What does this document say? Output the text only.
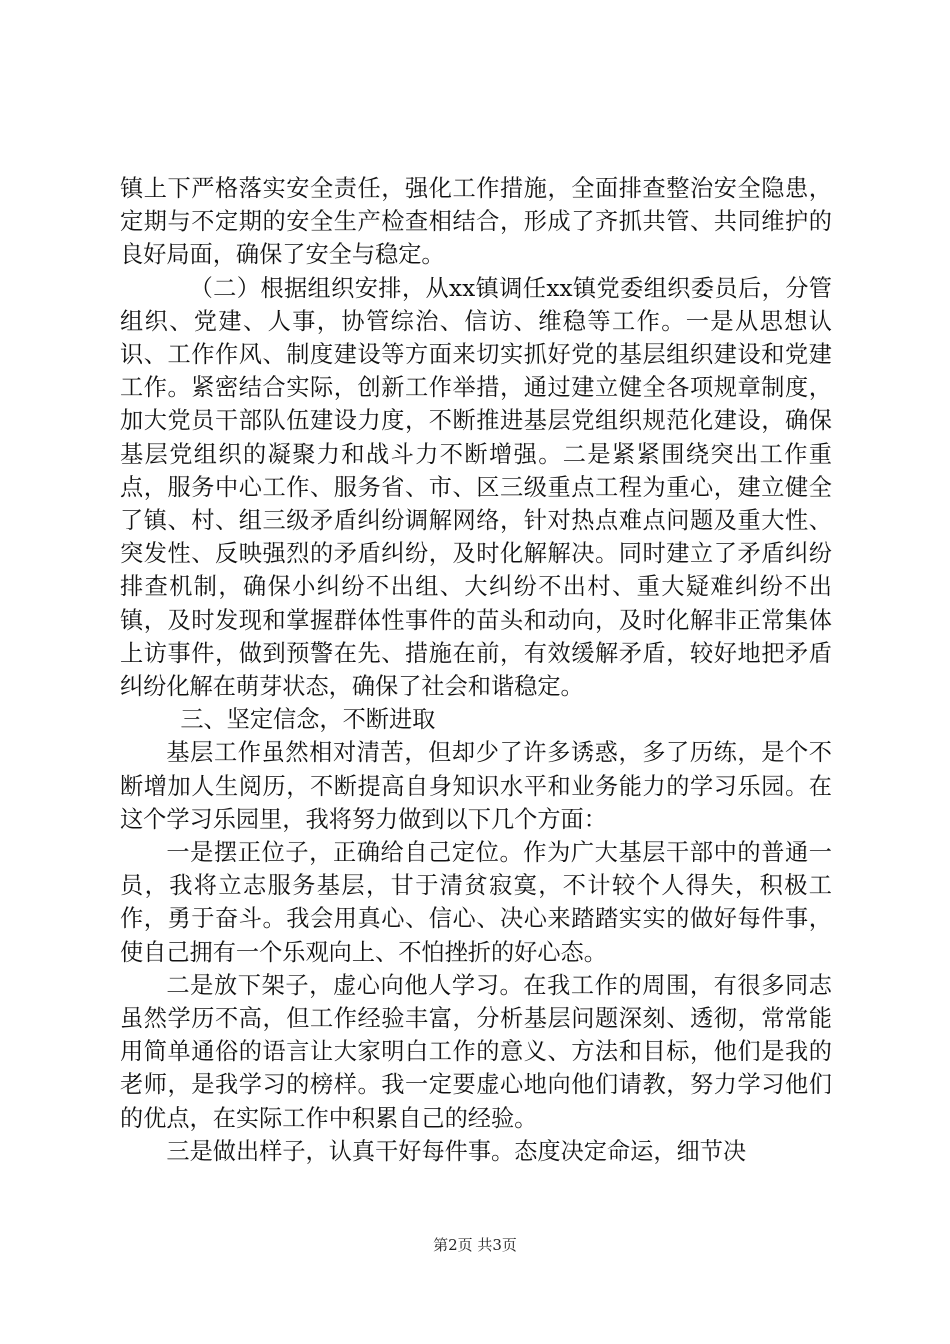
镇上下严格落实安全责任，强化工作措施，全面排查整治安全隐患，定期与不定期的安全生产检查相结合，形成了齐抓共管、共同维护的良好局面，确保了安全与稳定。

（二）根据组织安排，从xx镇调任xx镇党委组织委员后，分管组织、党建、人事，协管综治、信访、维稳等工作。一是从思想认识、工作作风、制度建设等方面来切实抓好党的基层组织建设和党建工作。紧密结合实际，创新工作举措，通过建立健全各项规章制度，加大党员干部队伍建设力度，不断推进基层党组织规范化建设，确保基层党组织的凝聚力和战斗力不断增强。二是紧紧围绕突出工作重点，服务中心工作、服务省、市、区三级重点工程为重心，建立健全了镇、村、组三级矛盾纠纷调解网络，针对热点难点问题及重大性、突发性、反映强烈的矛盾纠纷，及时化解解决。同时建立了矛盾纠纷排查机制，确保小纠纷不出组、大纠纷不出村、重大疑难纠纷不出镇，及时发现和掌握群体性事件的苗头和动向，及时化解非正常集体上访事件，做到预警在先、措施在前，有效缓解矛盾，较好地把矛盾纠纷化解在萌芽状态，确保了社会和谐稳定。

三、坚定信念，不断进取

基层工作虽然相对清苦，但却少了许多诱惑，多了历练，是个不断增加人生阅历，不断提高自身知识水平和业务能力的学习乐园。在这个学习乐园里，我将努力做到以下几个方面：

一是摆正位子，正确给自己定位。作为广大基层干部中的普通一员，我将立志服务基层，甘于清贫寂寞，不计较个人得失，积极工作，勇于奋斗。我会用真心、信心、决心来踏踏实实的做好每件事，使自己拥有一个乐观向上、不怕挫折的好心态。

二是放下架子，虚心向他人学习。在我工作的周围，有很多同志虽然学历不高，但工作经验丰富，分析基层问题深刻、透彻，常常能用简单通俗的语言让大家明白工作的意义、方法和目标，他们是我的老师，是我学习的榜样。我一定要虚心地向他们请教，努力学习他们的优点，在实际工作中积累自己的经验。

三是做出样子，认真干好每件事。态度决定命运，细节决

第2页 共3页
